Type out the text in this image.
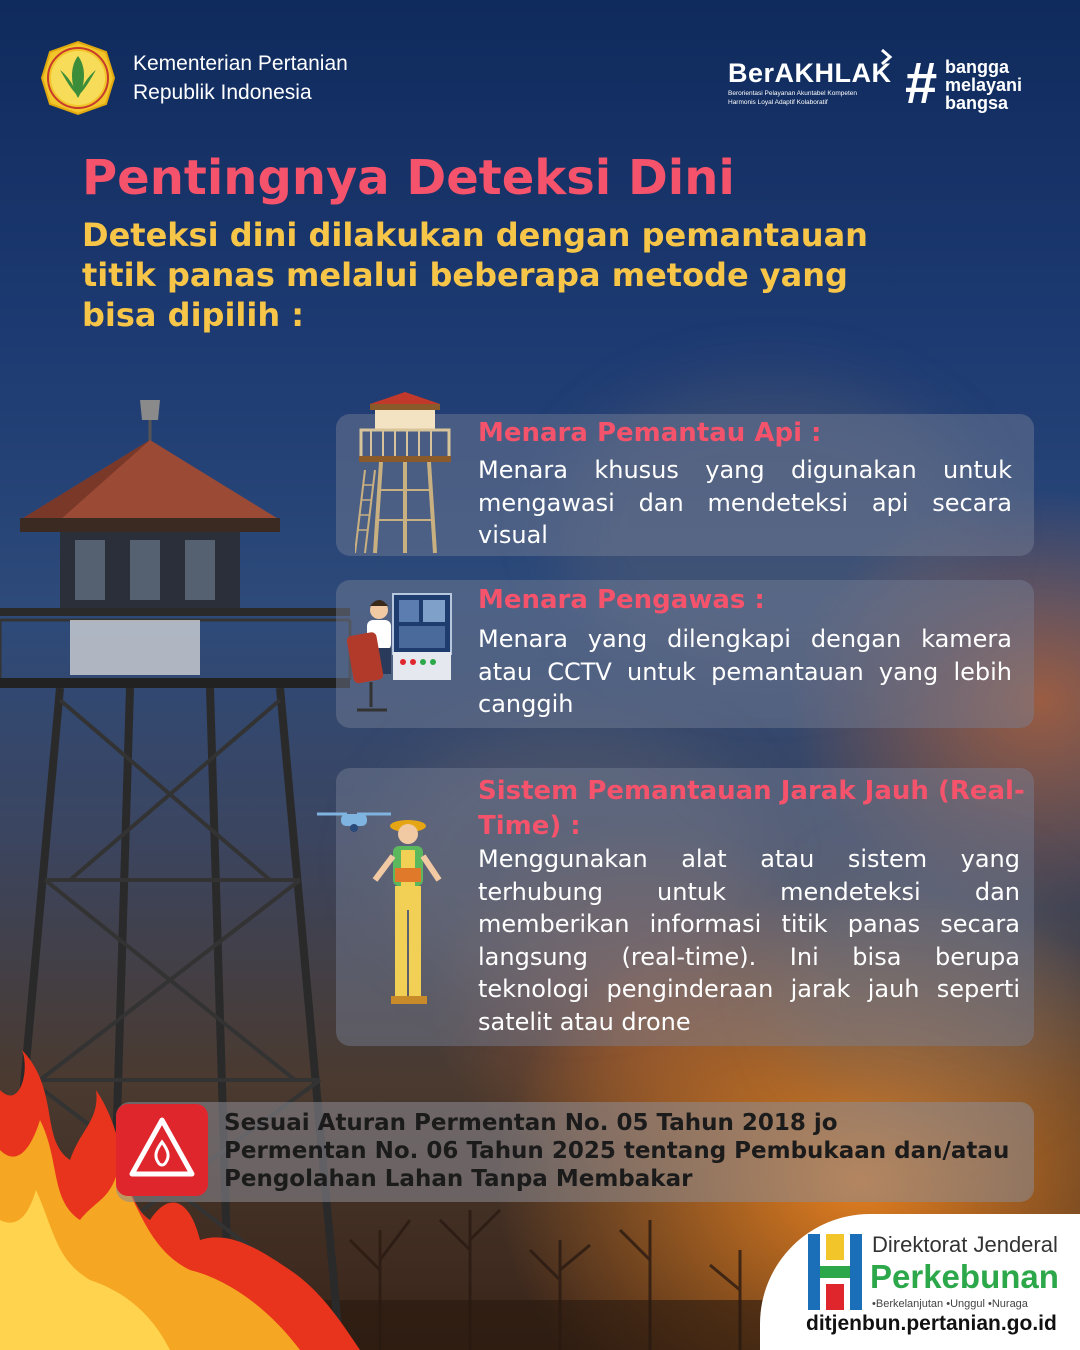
Kementerian Pertanian
Republik Indonesia
BerAKHLAK
Berorientasi Pelayanan Akuntabel Kompeten
Harmonis Loyal Adaptif Kolaboratif	# bangga
melayani
bangsa
Pentingnya Deteksi Dini
Deteksi dini dilakukan dengan pemantauan
titik panas melalui beberapa metode yang
bisa dipilih :
Menara Pemantau Api :
Menara khusus yang digunakan untuk mengawasi dan mendeteksi api secara visual
Menara Pengawas :
Menara yang dilengkapi dengan kamera atau CCTV untuk pemantauan yang lebih canggih
Sistem Pemantauan Jarak Jauh (Real-
Time) :
Menggunakan alat atau sistem yang terhubung untuk mendeteksi dan memberikan informasi titik panas secara langsung (real-time). Ini bisa berupa teknologi penginderaan jarak jauh seperti satelit atau drone
Sesuai Aturan Permentan No. 05 Tahun 2018 jo
Permentan No. 06 Tahun 2025 tentang Pembukaan dan/atau
Pengolahan Lahan Tanpa Membakar
Direktorat Jenderal
Perkebunan
•Berkelanjutan •Unggul •Nuraga
ditjenbun.pertanian.go.id
